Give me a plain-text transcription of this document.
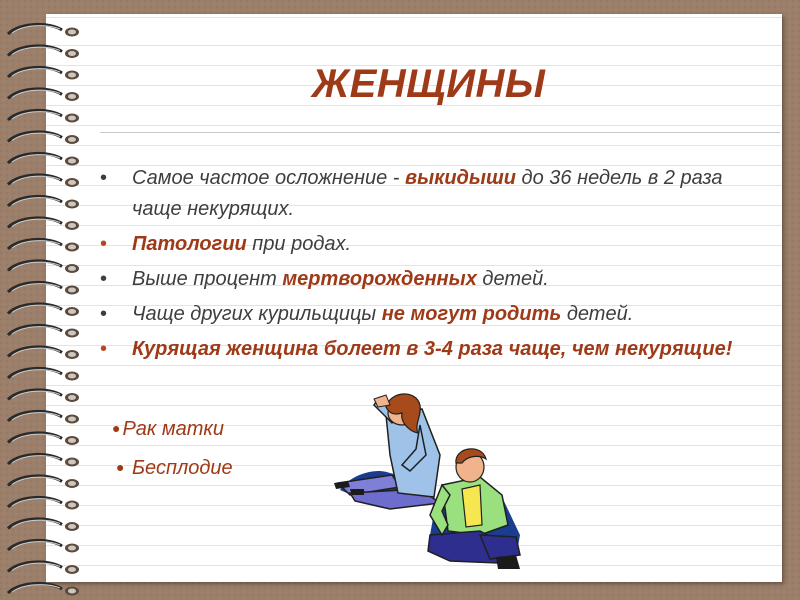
ЖЕНЩИНЫ
• Самое частое осложнение - выкидыши до 36 недель в 2 раза чаще некурящих.
• Патологии при родах.
• Выше процент мертворожденных детей.
• Чаще других курильщицы не могут родить детей.
• Курящая женщина болеет в 3-4 раза чаще, чем некурящие!
● Рак матки
● Бесплодие
